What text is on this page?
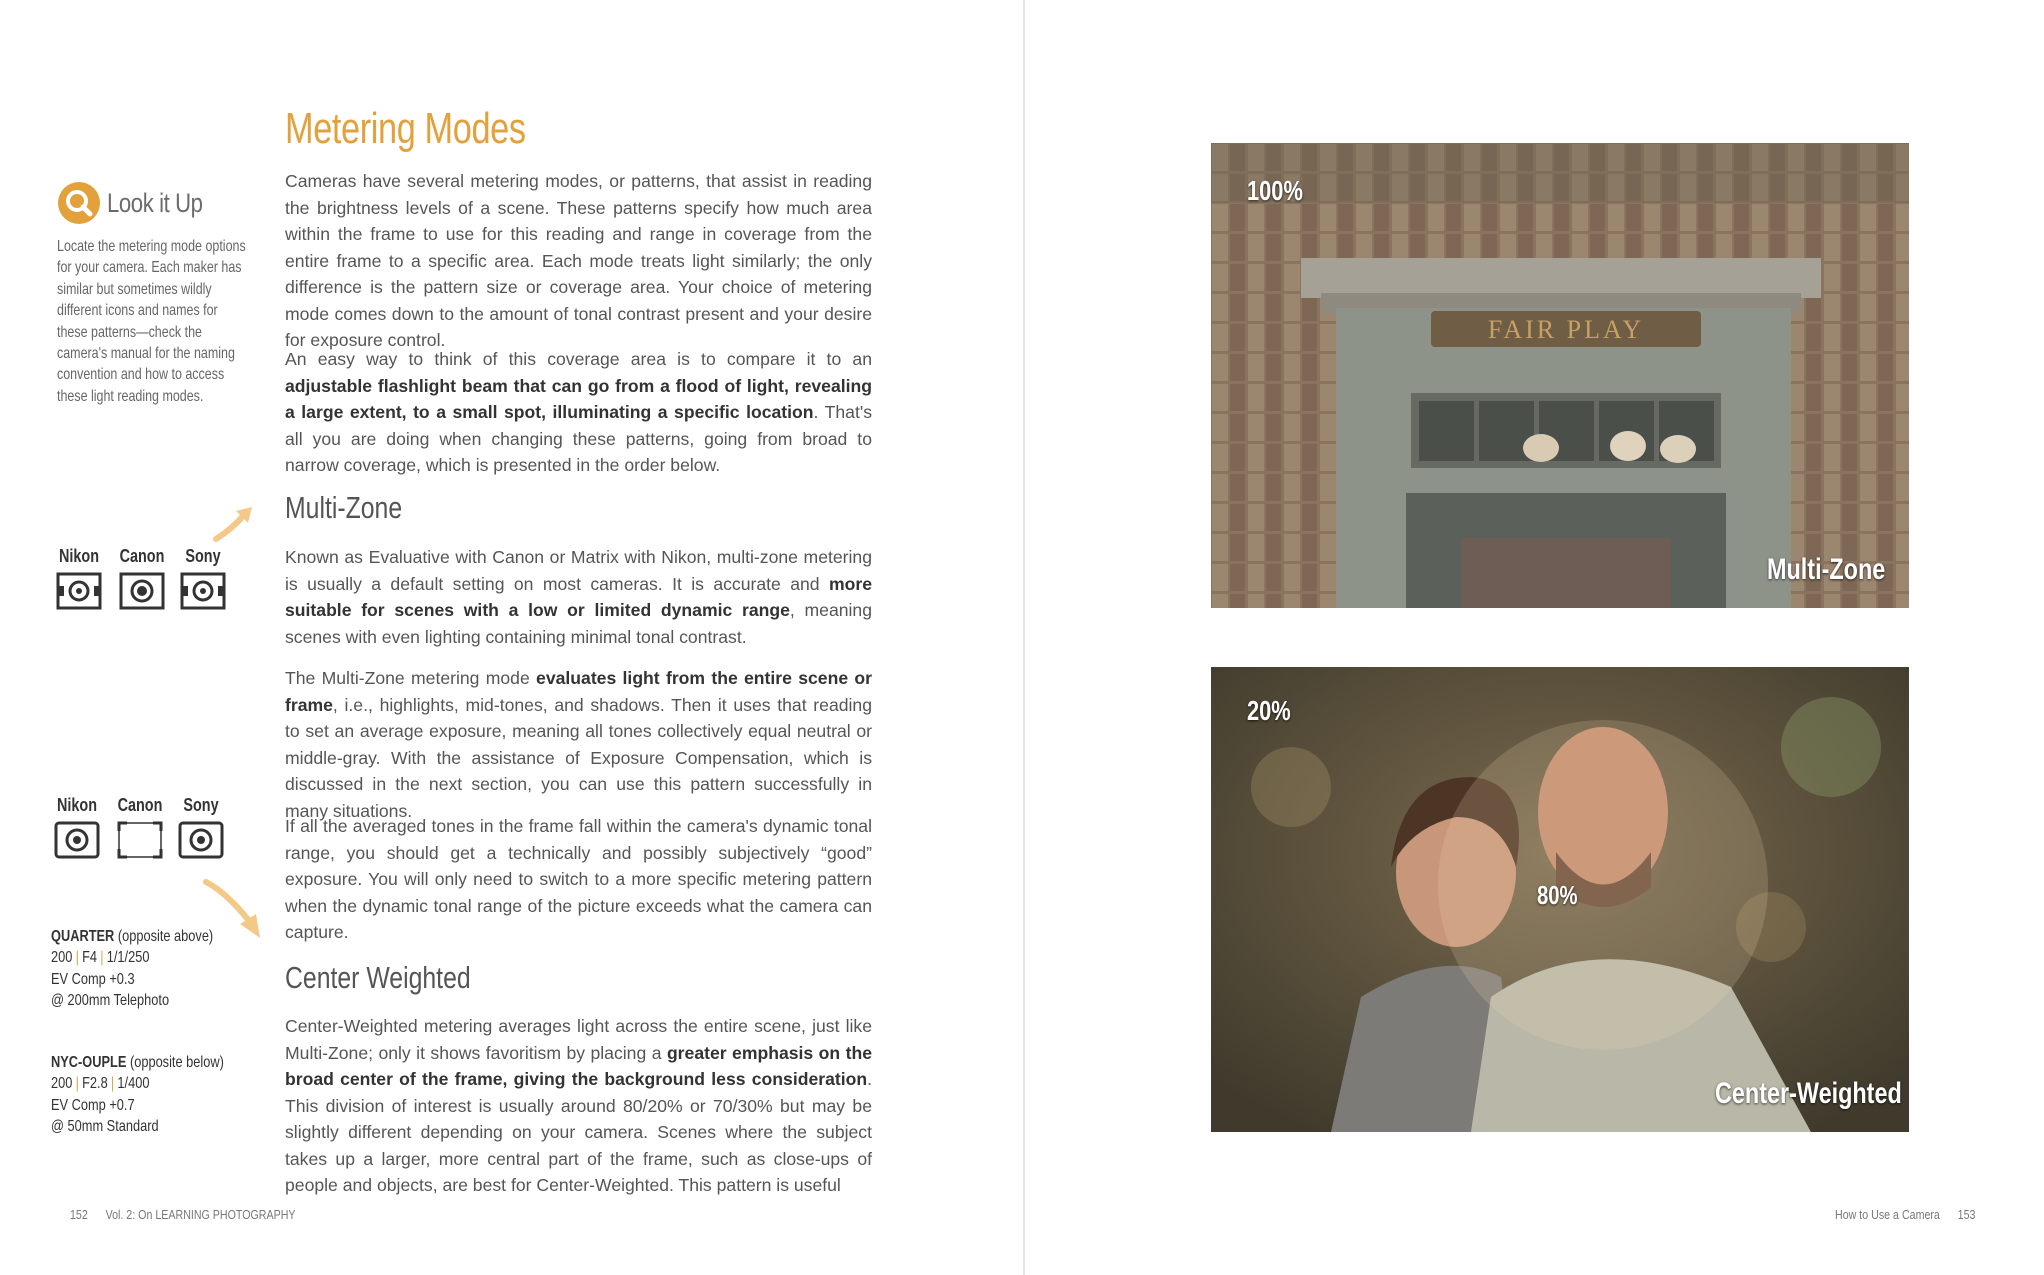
Metering Modes
Look it Up
Locate the metering mode options for your camera. Each maker has similar but sometimes wildly different icons and names for these patterns—check the camera's manual for the naming convention and how to access these light reading modes.
Nikon Canon Sony
Nikon Canon Sony
QUARTER (opposite above)
200 | F4 | 1/1/250
EV Comp +0.3
@ 200mm Telephoto
NYC-OUPLE (opposite below)
200 | F2.8 | 1/400
EV Comp +0.7
@ 50mm Standard

Cameras have several metering modes, or patterns, that assist in reading the brightness levels of a scene. These patterns specify how much area within the frame to use for this reading and range in coverage from the entire frame to a specific area. Each mode treats light similarly; the only difference is the pattern size or coverage area. Your choice of metering mode comes down to the amount of tonal contrast present and your desire for exposure control.

An easy way to think of this coverage area is to compare it to an adjustable flashlight beam that can go from a flood of light, revealing a large extent, to a small spot, illuminating a specific location. That's all you are doing when changing these patterns, going from broad to narrow coverage, which is presented in the order below.

Multi-Zone

Known as Evaluative with Canon or Matrix with Nikon, multi-zone metering is usually a default setting on most cameras. It is accurate and more suitable for scenes with a low or limited dynamic range, meaning scenes with even lighting containing minimal tonal contrast.

The Multi-Zone metering mode evaluates light from the entire scene or frame, i.e., highlights, mid-tones, and shadows. Then it uses that reading to set an average exposure, meaning all tones collectively equal neutral or middle-gray. With the assistance of Exposure Compensation, which is discussed in the next section, you can use this pattern successfully in many situations.

If all the averaged tones in the frame fall within the camera's dynamic tonal range, you should get a technically and possibly subjectively “good” exposure. You will only need to switch to a more specific metering pattern when the dynamic tonal range of the picture exceeds what the camera can capture.

Center Weighted

Center-Weighted metering averages light across the entire scene, just like Multi-Zone; only it shows favoritism by placing a greater emphasis on the broad center of the frame, giving the background less consideration. This division of interest is usually around 80/20% or 70/30% but may be slightly different depending on your camera. Scenes where the subject takes up a larger, more central part of the frame, such as close-ups of people and objects, are best for Center-Weighted. This pattern is useful

152 Vol. 2: On LEARNING PHOTOGRAPHY
FAIR PLAY
100%
Multi-Zone
20%
80%
Center-Weighted
How to Use a Camera 153
